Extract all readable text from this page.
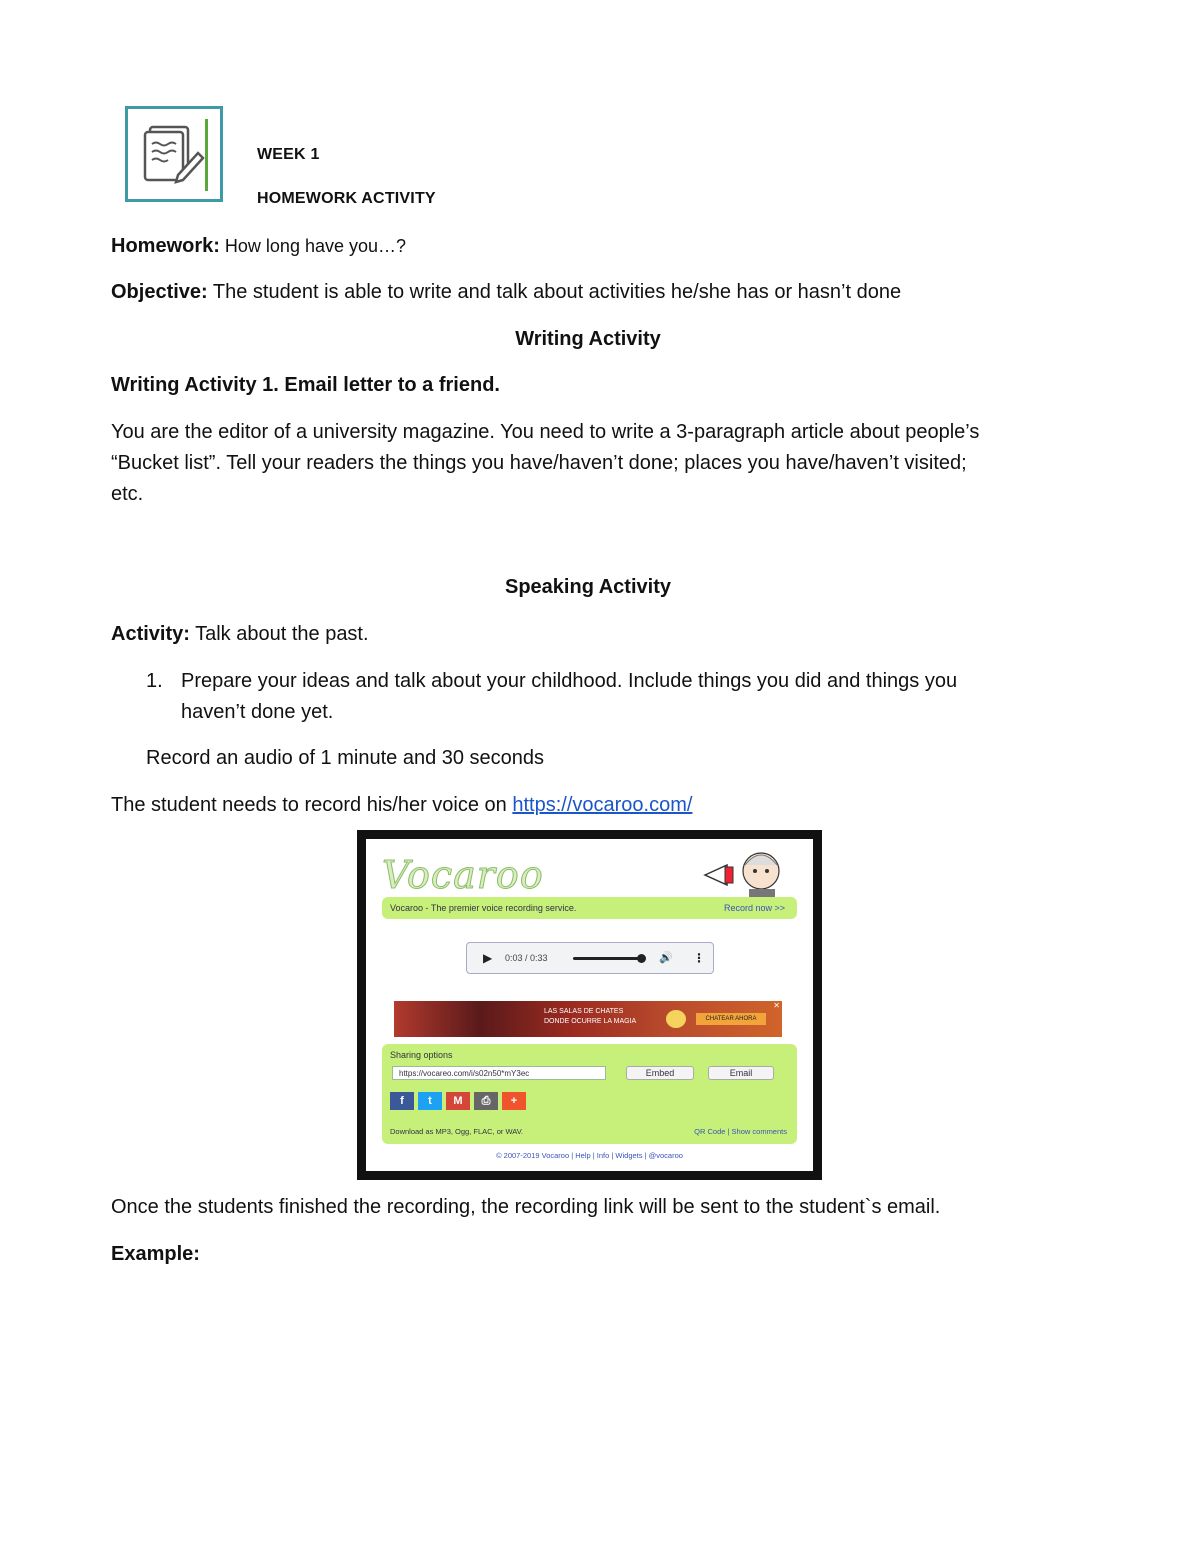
WEEK 1
HOMEWORK ACTIVITY
Homework: How long have you…?
Objective: The student is able to write and talk about activities he/she has or hasn’t done
Writing Activity
Writing Activity 1. Email letter to a friend.
You are the editor of a university magazine. You need to write a 3-paragraph article about people’s
“Bucket list”. Tell your readers the things you have/haven’t done; places you have/haven’t visited;
etc.
Speaking Activity
Activity: Talk about the past.
1. Prepare your ideas and talk about your childhood. Include things you did and things you
haven’t done yet.
Record an audio of 1 minute and 30 seconds
The student needs to record his/her voice on https://vocaroo.com/
Vocaroo
Vocaroo - The premier voice recording service.	Record now >>
▶ 0:03 / 0:33	🔊 ⋮
LAS SALAS DE CHATES
DONDE OCURRE LA MAGIA	CHATEAR AHORA
✕
Sharing options
https://vocareo.com/i/s02n50*mY3ec	Embed	Email
f	t	M	⎙	+
Download as MP3, Ogg, FLAC, or WAV.	QR Code | Show comments
© 2007-2019 Vocaroo | Help | Info | Widgets | @vocaroo
Once the students finished the recording, the recording link will be sent to the student`s email.
Example:
